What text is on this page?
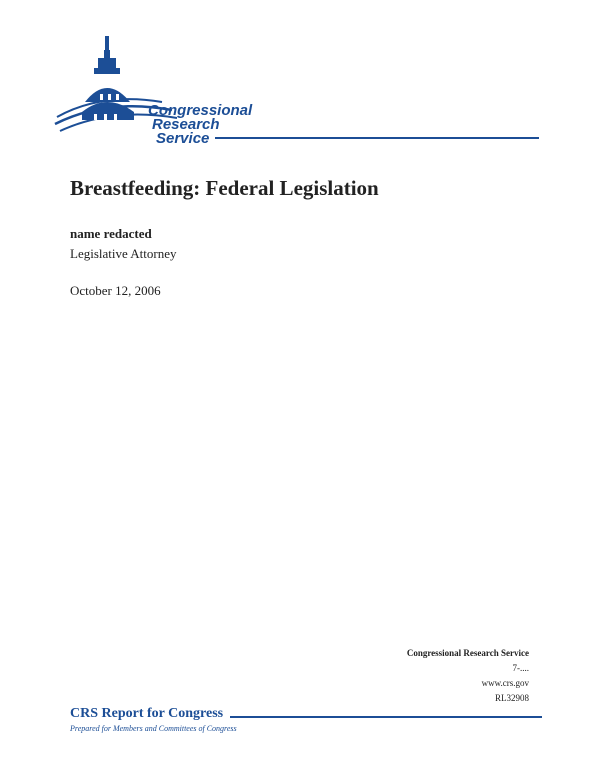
Congressional
Research
Service
Breastfeeding: Federal Legislation
name redacted
Legislative Attorney
October 12, 2006
Congressional Research Service
7-....
www.crs.gov
RL32908
CRS Report for Congress
Prepared for Members and Committees of Congress
